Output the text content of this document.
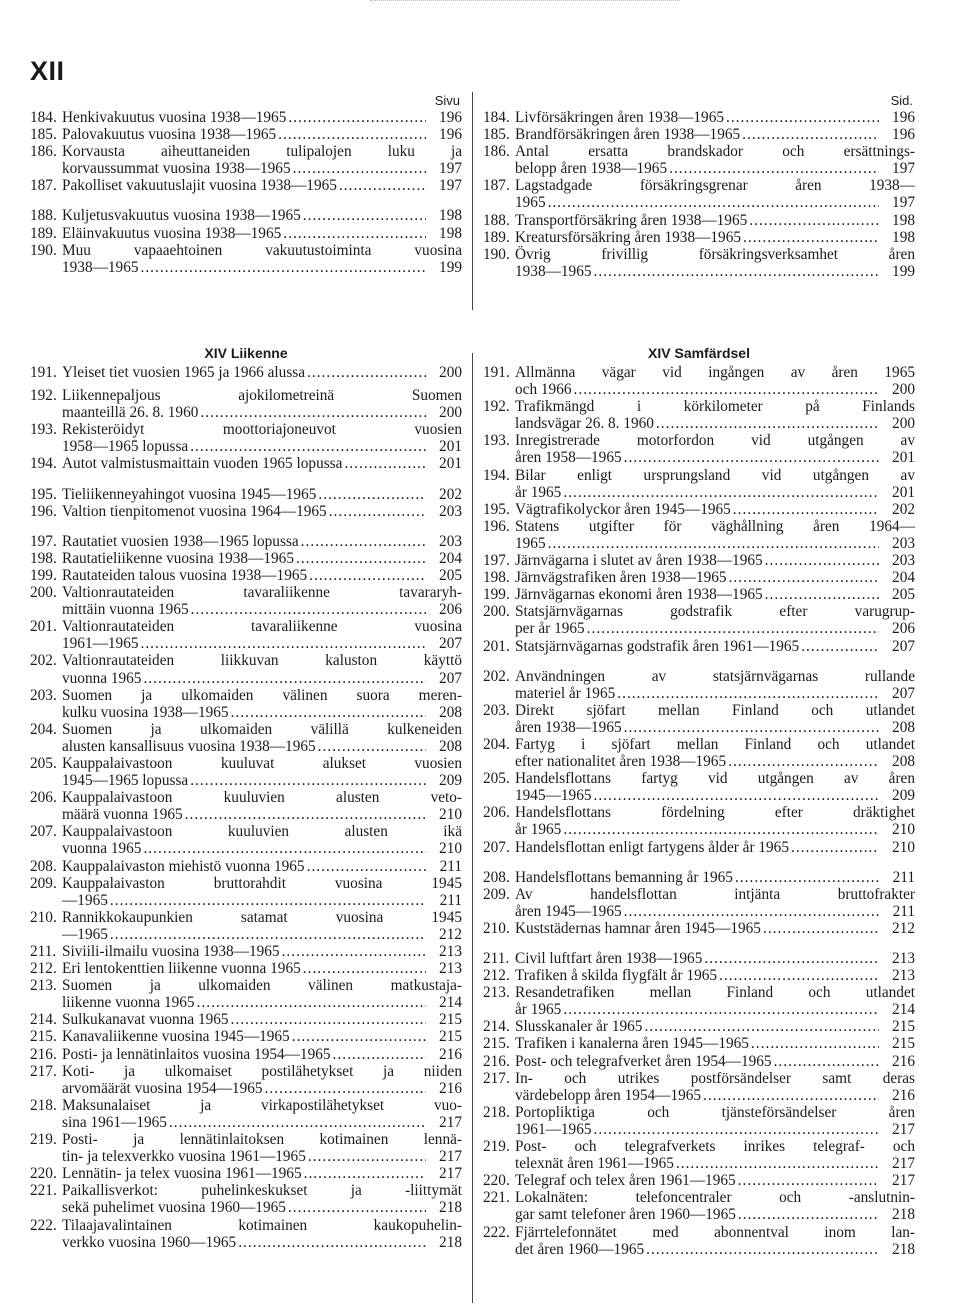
XII
Sivu
184. Henkivakuutus vuosina 1938—1965 . . .	196
185. Palovakuutus vuosina 1938—1965 . . .	196
186. Korvausta aiheuttaneiden tulipalojen luku ja
korvaussummat vuosina 1938—1965 . . .	197
187. Pakolliset vakuutuslajit vuosina 1938—1965 . . .	197
188. Kuljetusvakuutus vuosina 1938—1965 . . .	198
189. Eläinvakuutus vuosina 1938—1965 . . .	198
190. Muu vapaaehtoinen vakuutustoiminta vuosina
1938—1965 . . .	199
Sid.
184. Livförsäkringen åren 1938—1965 . . .	196
185. Brandförsäkringen åren 1938—1965 . . .	196
186. Antal ersatta brandskador och ersättnings-
belopp åren 1938—1965 . . .	197
187. Lagstadgade försäkringsgrenar åren 1938—
1965 . . .	197
188. Transportförsäkring åren 1938—1965 . . .	198
189. Kreatursförsäkring åren 1938—1965 . . .	198
190. Övrig frivillig försäkringsverksamhet åren
1938—1965 . . .	199
XIV Liikenne
191. Yleiset tiet vuosien 1965 ja 1966 alussa . . .	200
192. Liikennepaljous ajokilometreinä Suomen
maanteillä 26. 8. 1960 . . .	200
193. Rekisteröidyt moottoriajoneuvot vuosien
1958—1965 lopussa . . .	201
194. Autot valmistusmaittain vuoden 1965 lopussa . . .	201
195. Tieliikenneyahingot vuosina 1945—1965 . . .	202
196. Valtion tienpitomenot vuosina 1964—1965 . . .	203
197. Rautatiet vuosien 1938—1965 lopussa . . .	203
198. Rautatieliikenne vuosina 1938—1965 . . .	204
199. Rautateiden talous vuosina 1938—1965 . . .	205
200. Valtionrautateiden tavaraliikenne tavararyh-
mittäin vuonna 1965 . . .	206
201. Valtionrautateiden tavaraliikenne vuosina
1961—1965 . . .	207
202. Valtionrautateiden liikkuvan kaluston käyttö
vuonna 1965 . . .	207
203. Suomen ja ulkomaiden välinen suora meren-
kulku vuosina 1938—1965 . . .	208
204. Suomen ja ulkomaiden välillä kulkeneiden
alusten kansallisuus vuosina 1938—1965 . . .	208
205. Kauppalaivastoon kuuluvat alukset vuosien
1945—1965 lopussa . . .	209
206. Kauppalaivastoon kuuluvien alusten veto-
määrä vuonna 1965 . . .	210
207. Kauppalaivastoon kuuluvien alusten ikä
vuonna 1965 . . .	210
208. Kauppalaivaston miehistö vuonna 1965 . . .	211
209. Kauppalaivaston bruttorahdit vuosina 1945
—1965 . . .	211
210. Rannikkokaupunkien satamat vuosina 1945
—1965 . . .	212
211. Siviili-ilmailu vuosina 1938—1965 . . .	213
212. Eri lentokenttien liikenne vuonna 1965 . . .	213
213. Suomen ja ulkomaiden välinen matkustaja-
liikenne vuonna 1965 . . .	214
214. Sulkukanavat vuonna 1965 . . .	215
215. Kanavaliikenne vuosina 1945—1965 . . .	215
216. Posti- ja lennätinlaitos vuosina 1954—1965 . . .	216
217. Koti- ja ulkomaiset postilähetykset ja niiden
arvomäärät vuosina 1954—1965 . . .	216
218. Maksunalaiset ja virkapostilähetykset vuo-
sina 1961—1965 . . .	217
219. Posti- ja lennätinlaitoksen kotimainen lennä-
tin- ja telexverkko vuosina 1961—1965 . . .	217
220. Lennätin- ja telex vuosina 1961—1965 . . .	217
221. Paikallisverkot: puhelinkeskukset ja -liittymät
sekä puhelimet vuosina 1960—1965 . . .	218
222. Tilaajavalintainen kotimainen kaukopuhelin-
verkko vuosina 1960—1965 . . .	218
XIV Samfärdsel
191. Allmänna vägar vid ingången av åren 1965
och 1966 . . .	200
192. Trafikmängd i körkilometer på Finlands
landsvägar 26. 8. 1960 . . .	200
193. Inregistrerade motorfordon vid utgången av
åren 1958—1965 . . .	201
194. Bilar enligt ursprungsland vid utgången av
år 1965 . . .	201
195. Vägtrafikolyckor åren 1945—1965 . . .	202
196. Statens utgifter för väghållning åren 1964—
1965 . . .	203
197. Järnvägarna i slutet av åren 1938—1965 . . .	203
198. Järnvägstrafiken åren 1938—1965 . . .	204
199. Järnvägarnas ekonomi åren 1938—1965 . . .	205
200. Statsjärnvägarnas godstrafik efter varugrup-
per år 1965 . . .	206
201. Statsjärnvägarnas godstrafik åren 1961—1965 . . .	207
202. Användningen av statsjärnvägarnas rullande
materiel år 1965 . . .	207
203. Direkt sjöfart mellan Finland och utlandet
åren 1938—1965 . . .	208
204. Fartyg i sjöfart mellan Finland och utlandet
efter nationalitet åren 1938—1965 . . .	208
205. Handelsflottans fartyg vid utgången av åren
1945—1965 . . .	209
206. Handelsflottans fördelning efter dräktighet
år 1965 . . .	210
207. Handelsflottan enligt fartygens ålder år 1965 . . .	210
208. Handelsflottans bemanning år 1965 . . .	211
209. Av handelsflottan intjänta bruttofrakter
åren 1945—1965 . . .	211
210. Kuststädernas hamnar åren 1945—1965 . . .	212
211. Civil luftfart åren 1938—1965 . . .	213
212. Trafiken å skilda flygfält år 1965 . . .	213
213. Resandetrafiken mellan Finland och utlandet
år 1965 . . .	214
214. Slusskanaler år 1965 . . .	215
215. Trafiken i kanalerna åren 1945—1965 . . .	215
216. Post- och telegrafverket åren 1954—1965 . . .	216
217. In- och utrikes postförsändelser samt deras
värdebelopp åren 1954—1965 . . .	216
218. Portopliktiga och tjänsteförsändelser åren
1961—1965 . . .	217
219. Post- och telegrafverkets inrikes telegraf- och
telexnät åren 1961—1965 . . .	217
220. Telegraf och telex åren 1961—1965 . . .	217
221. Lokalnäten: telefoncentraler och -anslutnin-
gar samt telefoner åren 1960—1965 . . .	218
222. Fjärrtelefonnätet med abonnentval inom lan-
det åren 1960—1965 . . .	218
